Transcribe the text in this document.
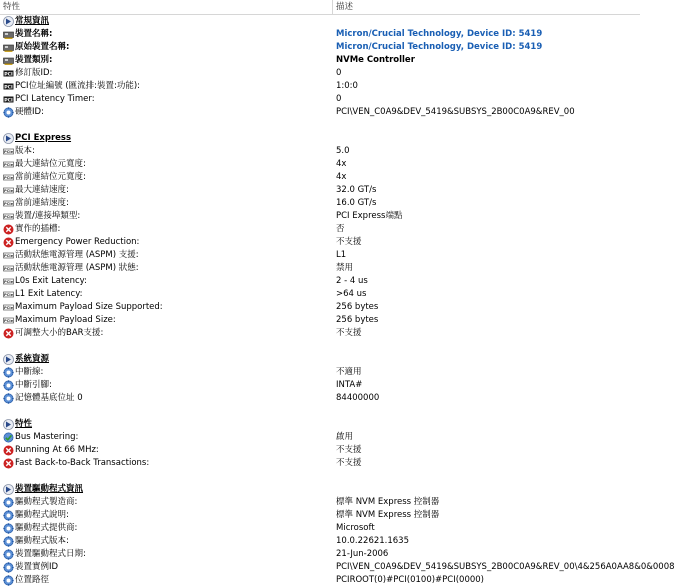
特性	描述
常規資訊
裝置名稱:	Micron/Crucial Technology, Device ID: 5419
原始裝置名稱:	Micron/Crucial Technology, Device ID: 5419
裝置類別:	NVMe Controller
PCI 修訂版ID:	0
PCI PCI位址編號 (匯流排:裝置:功能):	1:0:0
PCI PCI Latency Timer:	0
硬體ID:	PCI\VEN_C0A9&DEV_5419&SUBSYS_2B00C0A9&REV_00
PCI Express
PCIe 版本:	5.0
PCIe 最大連結位元寬度:	4x
PCIe 當前連結位元寬度:	4x
PCIe 最大連結速度:	32.0 GT/s
PCIe 當前連結速度:	16.0 GT/s
PCIe 裝置/連接埠類型:	PCI Express端點
實作的插槽:	否
Emergency Power Reduction:	不支援
PCIe 活動狀態電源管理 (ASPM) 支援:	L1
PCIe 活動狀態電源管理 (ASPM) 狀態:	禁用
PCIe L0s Exit Latency:	2 - 4 us
PCIe L1 Exit Latency:	>64 us
PCIe Maximum Payload Size Supported:	256 bytes
PCIe Maximum Payload Size:	256 bytes
可調整大小的BAR支援:	不支援
系統資源
中斷線:	不適用
中斷引腳:	INTA#
記憶體基底位址 0	84400000
特性
Bus Mastering:	啟用
Running At 66 MHz:	不支援
Fast Back-to-Back Transactions:	不支援
裝置驅動程式資訊
驅動程式製造商:	標準 NVM Express 控制器
驅動程式說明:	標準 NVM Express 控制器
驅動程式提供商:	Microsoft
驅動程式版本:	10.0.22621.1635
裝置驅動程式日期:	21-Jun-2006
裝置實例ID	PCI\VEN_C0A9&DEV_5419&SUBSYS_2B00C0A9&REV_00\4&256A0AA8&0&0008
位置路徑	PCIROOT(0)#PCI(0100)#PCI(0000)
